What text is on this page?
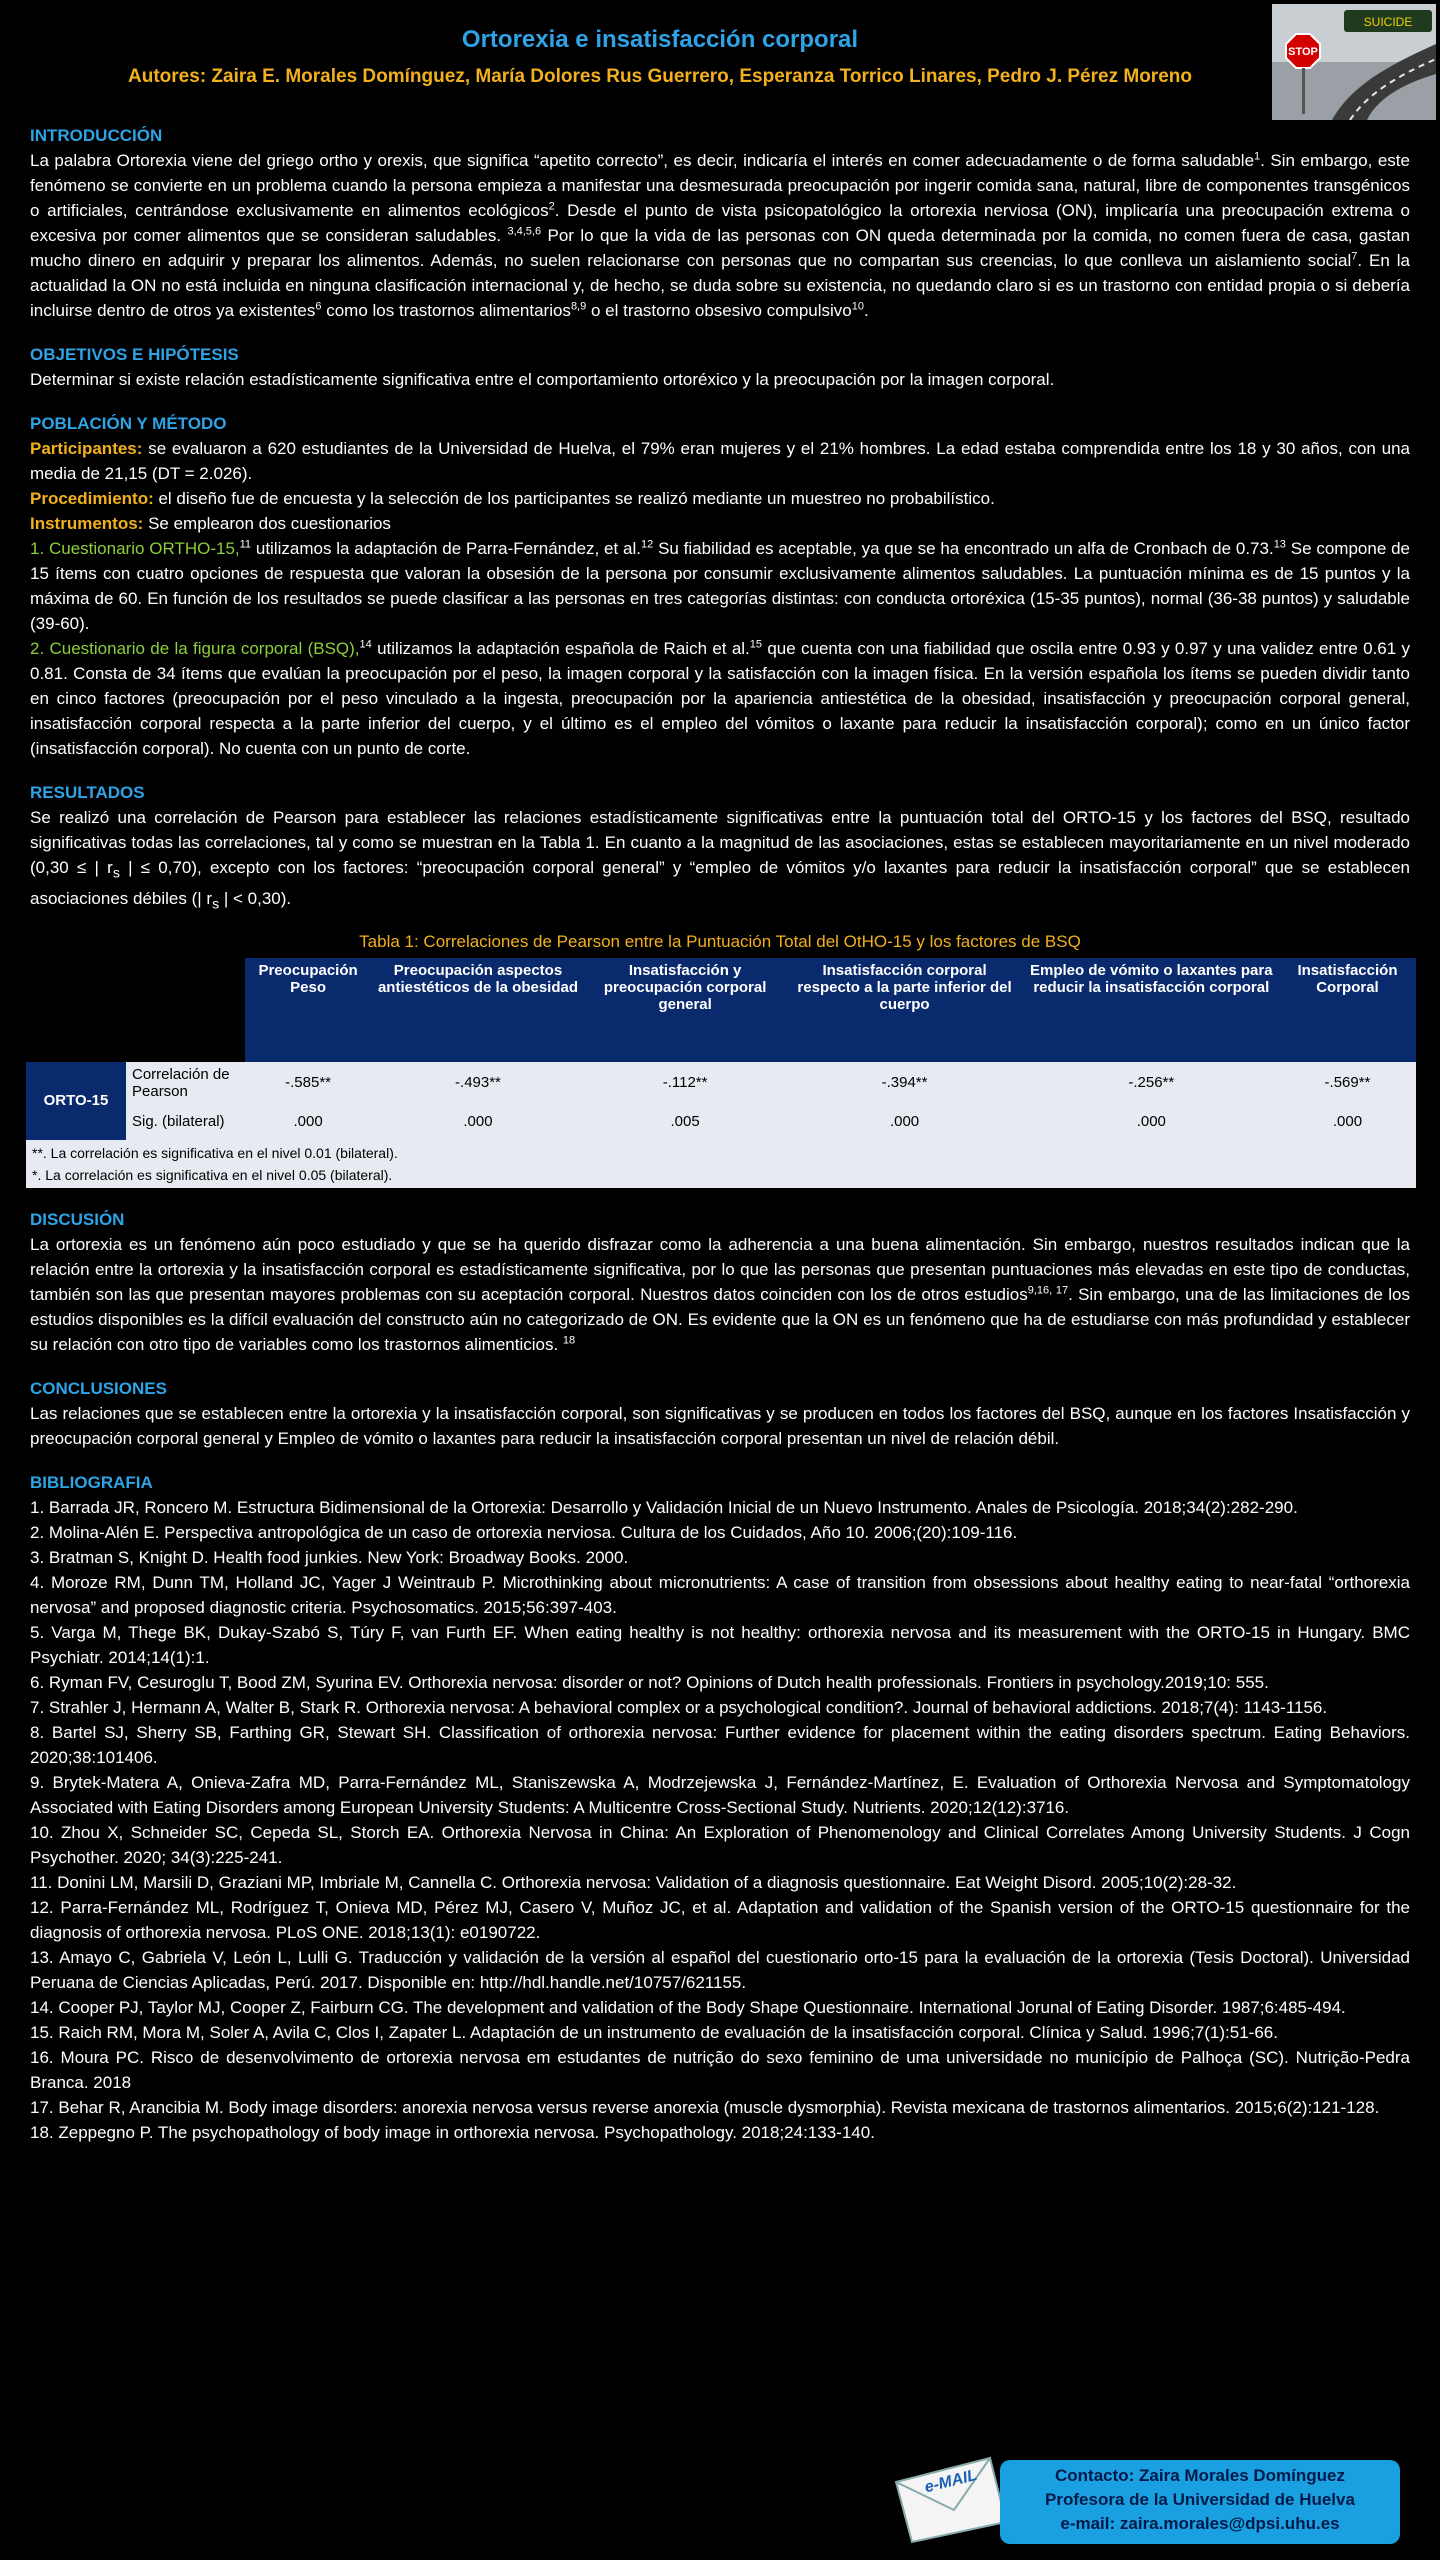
Ortorexia e insatisfacción corporal
Autores: Zaira E. Morales Domínguez, María Dolores Rus Guerrero, Esperanza Torrico Linares, Pedro J. Pérez Moreno
SUICIDE
STOP
INTRODUCCIÓN

La palabra Ortorexia viene del griego ortho y orexis, que significa “apetito correcto”, es decir, indicaría el interés en comer adecuadamente o de forma saludable$^1$. Sin embargo, este fenómeno se convierte en un problema cuando la persona empieza a manifestar una desmesurada preocupación por ingerir comida sana, natural, libre de componentes transgénicos o artificiales, centrándose exclusivamente en alimentos ecológicos$^2$. Desde el punto de vista psicopatológico la ortorexia nerviosa (ON), implicaría una preocupación extrema o excesiva por comer alimentos que se consideran saludables. $^{3,4,5,6}$ Por lo que la vida de las personas con ON queda determinada por la comida, no comen fuera de casa, gastan mucho dinero en adquirir y preparar los alimentos. Además, no suelen relacionarse con personas que no compartan sus creencias, lo que conlleva un aislamiento social$^7$. En la actualidad la ON no está incluida en ninguna clasificación internacional y, de hecho, se duda sobre su existencia, no quedando claro si es un trastorno con entidad propia o si debería incluirse dentro de otros ya existentes$^6$ como los trastornos alimentarios$^{8,9}$ o el trastorno obsesivo compulsivo$^{10}$.

OBJETIVOS E HIPÓTESIS

Determinar si existe relación estadísticamente significativa entre el comportamiento ortoréxico y la preocupación por la imagen corporal.

POBLACIÓN Y MÉTODO

Participantes: se evaluaron a 620 estudiantes de la Universidad de Huelva, el 79% eran mujeres y el 21% hombres. La edad estaba comprendida entre los 18 y 30 años, con una media de 21,15 (DT = 2.026).

Procedimiento: el diseño fue de encuesta y la selección de los participantes se realizó mediante un muestreo no probabilístico.

Instrumentos: Se emplearon dos cuestionarios

1. Cuestionario ORTHO-15,11 utilizamos la adaptación de Parra-Fernández, et al.$^{12}$ Su fiabilidad es aceptable, ya que se ha encontrado un alfa de Cronbach de 0.73.13 Se compone de 15 ítems con cuatro opciones de respuesta que valoran la obsesión de la persona por consumir exclusivamente alimentos saludables. La puntuación mínima es de 15 puntos y la máxima de 60. En función de los resultados se puede clasificar a las personas en tres categorías distintas: con conducta ortoréxica (15-35 puntos), normal (36-38 puntos) y saludable (39-60).

2. Cuestionario de la figura corporal (BSQ),$^{14}$ utilizamos la adaptación española de Raich et al.$^{15}$ que cuenta con una fiabilidad que oscila entre 0.93 y 0.97 y una validez entre 0.61 y 0.81. Consta de 34 ítems que evalúan la preocupación por el peso, la imagen corporal y la satisfacción con la imagen física. En la versión española los ítems se pueden dividir tanto en cinco factores (preocupación por el peso vinculado a la ingesta, preocupación por la apariencia antiestética de la obesidad, insatisfacción y preocupación corporal general, insatisfacción corporal respecta a la parte inferior del cuerpo, y el último es el empleo del vómitos o laxante para reducir la insatisfacción corporal); como en un único factor (insatisfacción corporal). No cuenta con un punto de corte.

RESULTADOS

Se realizó una correlación de Pearson para establecer las relaciones estadísticamente significativas entre la puntuación total del ORTO-15 y los factores del BSQ, resultado significativas todas las correlaciones, tal y como se muestran en la Tabla 1. En cuanto a la magnitud de las asociaciones, estas se establecen mayoritariamente en un nivel moderado (0,30 ≤ | $r_s$ | ≤ 0,70), excepto con los factores: “preocupación corporal general” y “empleo de vómitos y/o laxantes para reducir la insatisfacción corporal” que se establecen asociaciones débiles (| $r_s$ | < 0,30).

Tabla 1: Correlaciones de Pearson entre la Puntuación Total del OtHO-15 y los factores de BSQ
		Preocupación Peso	Preocupación aspectos antiestéticos de la obesidad	Insatisfacción y preocupación corporal general	Insatisfacción corporal respecto a la parte inferior del cuerpo	Empleo de vómito o laxantes para reducir la insatisfacción corporal	Insatisfacción Corporal
ORTO-15	Correlación de Pearson	-.585**	-.493**	-.112**	-.394**	-.256**	-.569**
	Sig. (bilateral)	.000	.000	.005	.000	.000	.000
**. La correlación es significativa en el nivel 0.01 (bilateral).
*. La correlación es significativa en el nivel 0.05 (bilateral).
DISCUSIÓN

La ortorexia es un fenómeno aún poco estudiado y que se ha querido disfrazar como la adherencia a una buena alimentación. Sin embargo, nuestros resultados indican que la relación entre la ortorexia y la insatisfacción corporal es estadísticamente significativa, por lo que las personas que presentan puntuaciones más elevadas en este tipo de conductas, también son las que presentan mayores problemas con su aceptación corporal. Nuestros datos coinciden con los de otros estudios$^{9,16, 17}$. Sin embargo, una de las limitaciones de los estudios disponibles es la difícil evaluación del constructo aún no categorizado de ON. Es evidente que la ON es un fenómeno que ha de estudiarse con más profundidad y establecer su relación con otro tipo de variables como los trastornos alimenticios. $^{18}$

CONCLUSIONES

Las relaciones que se establecen entre la ortorexia y la insatisfacción corporal, son significativas y se producen en todos los factores del BSQ, aunque en los factores Insatisfacción y preocupación corporal general y Empleo de vómito o laxantes para reducir la insatisfacción corporal presentan un nivel de relación débil.

BIBLIOGRAFIA

1. Barrada JR, Roncero M. Estructura Bidimensional de la Ortorexia: Desarrollo y Validación Inicial de un Nuevo Instrumento. Anales de Psicología. 2018;34(2):282-290.

2. Molina-Alén E. Perspectiva antropológica de un caso de ortorexia nerviosa. Cultura de los Cuidados, Año 10. 2006;(20):109-116.

3. Bratman S, Knight D. Health food junkies. New York: Broadway Books. 2000.

4. Moroze RM, Dunn TM, Holland JC, Yager J Weintraub P. Microthinking about micronutrients: A case of transition from obsessions about healthy eating to near-fatal “orthorexia nervosa” and proposed diagnostic criteria. Psychosomatics. 2015;56:397-403.

5. Varga M, Thege BK, Dukay-Szabó S, Túry F, van Furth EF. When eating healthy is not healthy: orthorexia nervosa and its measurement with the ORTO-15 in Hungary. BMC Psychiatr. 2014;14(1):1.

6. Ryman FV, Cesuroglu T, Bood ZM, Syurina EV. Orthorexia nervosa: disorder or not? Opinions of Dutch health professionals. Frontiers in psychology.2019;10: 555.

7. Strahler J, Hermann A, Walter B, Stark R. Orthorexia nervosa: A behavioral complex or a psychological condition?. Journal of behavioral addictions. 2018;7(4): 1143-1156.

8. Bartel SJ, Sherry SB, Farthing GR, Stewart SH. Classification of orthorexia nervosa: Further evidence for placement within the eating disorders spectrum. Eating Behaviors. 2020;38:101406.

9. Brytek-Matera A, Onieva-Zafra MD, Parra-Fernández ML, Staniszewska A, Modrzejewska J, Fernández-Martínez, E. Evaluation of Orthorexia Nervosa and Symptomatology Associated with Eating Disorders among European University Students: A Multicentre Cross-Sectional Study. Nutrients. 2020;12(12):3716.

10. Zhou X, Schneider SC, Cepeda SL, Storch EA. Orthorexia Nervosa in China: An Exploration of Phenomenology and Clinical Correlates Among University Students. J Cogn Psychother. 2020; 34(3):225-241.

11. Donini LM, Marsili D, Graziani MP, Imbriale M, Cannella C. Orthorexia nervosa: Validation of a diagnosis questionnaire. Eat Weight Disord. 2005;10(2):28-32.

12. Parra-Fernández ML, Rodríguez T, Onieva MD, Pérez MJ, Casero V, Muñoz JC, et al. Adaptation and validation of the Spanish version of the ORTO-15 questionnaire for the diagnosis of orthorexia nervosa. PLoS ONE. 2018;13(1): e0190722.

13. Amayo C, Gabriela V, León L, Lulli G. Traducción y validación de la versión al español del cuestionario orto-15 para la evaluación de la ortorexia (Tesis Doctoral). Universidad Peruana de Ciencias Aplicadas, Perú. 2017. Disponible en: http://hdl.handle.net/10757/621155.

14. Cooper PJ, Taylor MJ, Cooper Z, Fairburn CG. The development and validation of the Body Shape Questionnaire. International Jorunal of Eating Disorder. 1987;6:485-494.

15. Raich RM, Mora M, Soler A, Avila C, Clos I, Zapater L. Adaptación de un instrumento de evaluación de la insatisfacción corporal. Clínica y Salud. 1996;7(1):51-66.

16. Moura PC. Risco de desenvolvimento de ortorexia nervosa em estudantes de nutrição do sexo feminino de uma universidade no município de Palhoça (SC). Nutrição-Pedra Branca. 2018

17. Behar R, Arancibia M. Body image disorders: anorexia nervosa versus reverse anorexia (muscle dysmorphia). Revista mexicana de trastornos alimentarios. 2015;6(2):121-128.

18. Zeppegno P. The psychopathology of body image in orthorexia nervosa. Psychopathology. 2018;24:133-140.

e-MAIL	Contacto: Zaira Morales Domínguez
Profesora de la Universidad de Huelva
e-mail: zaira.morales@dpsi.uhu.es
